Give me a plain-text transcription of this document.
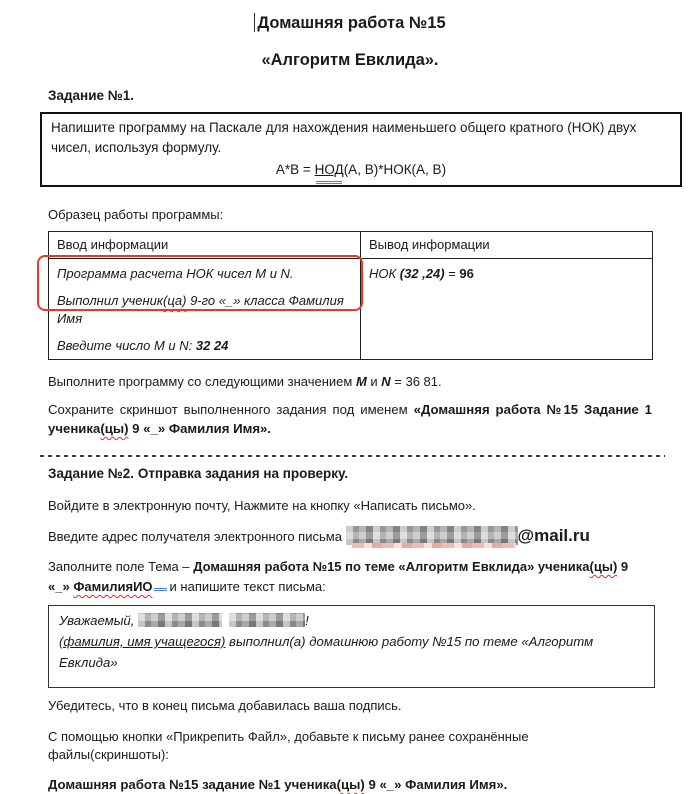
Домашняя работа №15
«Алгоритм Евклида».
Задание №1.
Напишите программу на Паскале для нахождения наименьшего общего кратного (НОК) двух чисел, используя формулу.
А*В = НОД(А, В)*НОК(А, В)
Образец работы программы:
Ввод информации	Вывод информации

Программа расчета НОК чисел M и N.

Выполнил ученик(ца) 9-го «_» класса Фамилия Имя

Введите число M и N: 32 24	НОК (32 ,24) = 96
Выполните программу со следующими значением M и N = 36 81.
Сохраните скриншот выполненного задания под именем «Домашняя работа №15 Задание 1 ученика(цы) 9 «_» Фамилия Имя».
Задание №2. Отправка задания на проверку.
Войдите в электронную почту, Нажмите на кнопку «Написать письмо».
Введите адрес получателя электронного письма	@mail.ru
Заполните поле Тема – Домашняя работа №15 по теме «Алгоритм Евклида» ученика(цы) 9 «_» ФамилияИО и напишите текст письма:

Уважаемый,	!

(фамилия, имя учащегося) выполнил(а) домашнюю работу №15 по теме «Алгоритм Евклида»

Убедитесь, что в конец письма добавилась ваша подпись.
С помощью кнопки «Прикрепить Файл», добавьте к письму ранее сохранённые файлы(скриншоты):
Домашняя работа №15 задание №1 ученика(цы) 9 «_» Фамилия Имя».
